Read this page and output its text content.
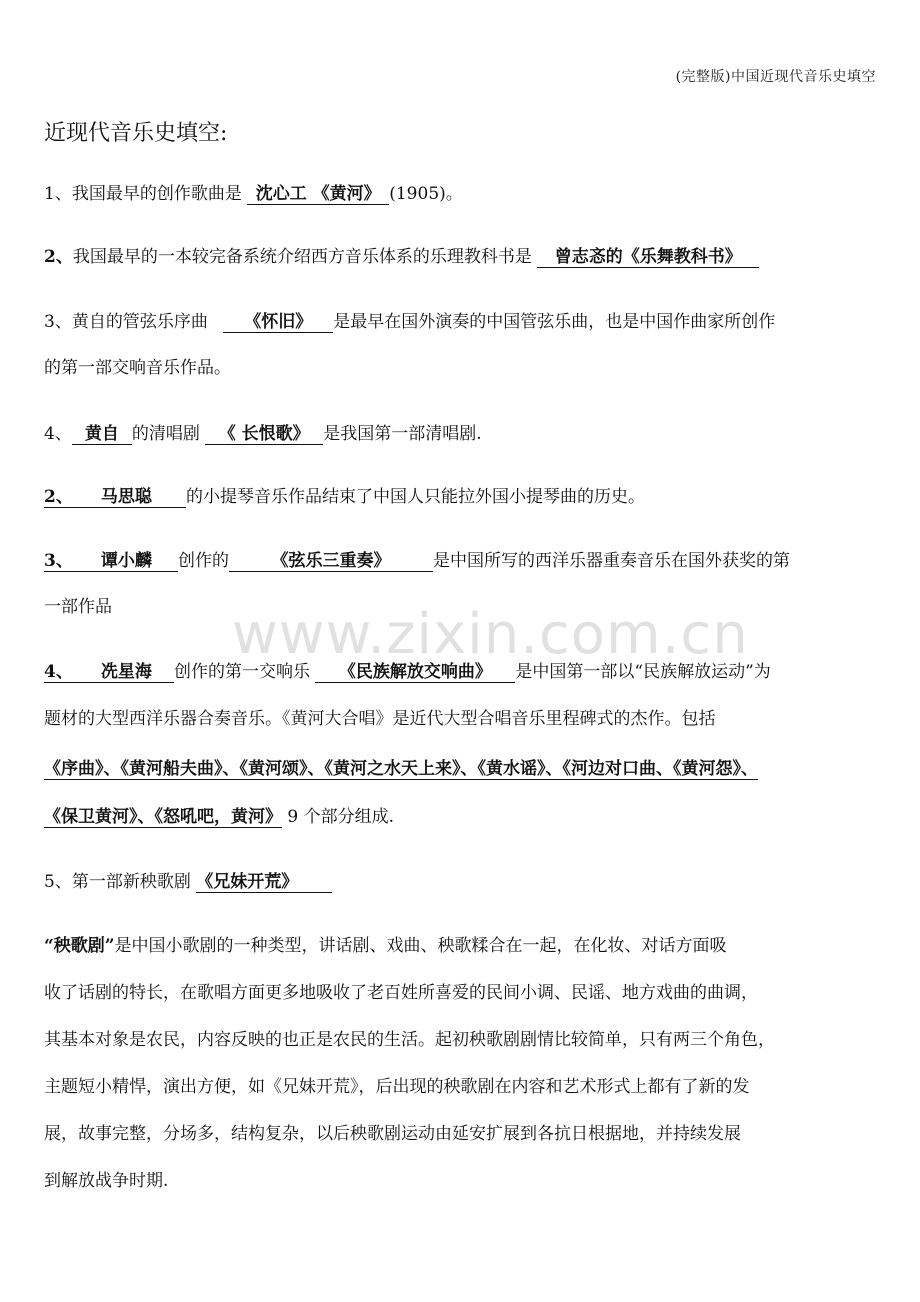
(完整版)中国近现代音乐史填空
近现代音乐史填空:
1、我国最早的创作歌曲是 沈心工 《黄河》 (1905)。
2、我国最早的一本较完备系统介绍西方音乐体系的乐理教科书是 曾志忞的《乐舞教科书》
3、黄自的管弦乐序曲 《怀旧》 是最早在国外演奏的中国管弦乐曲，也是中国作曲家所创作
的第一部交响音乐作品。
4、 黄自 的清唱剧 《 长恨歌》 是我国第一部清唱剧.
2、 马思聪 的小提琴音乐作品结束了中国人只能拉外国小提琴曲的历史。
3、 谭小麟 创作的	《弦乐三重奏》	是中国所写的西洋乐器重奏音乐在国外获奖的第
一部作品	www.zixin.com.cn
4、 冼星海 创作的第一交响乐 《民族解放交响曲》 是中国第一部以“民族解放运动”为
题材的大型西洋乐器合奏音乐。《黄河大合唱》是近代大型合唱音乐里程碑式的杰作。包括
《序曲》、《黄河船夫曲》、《黄河颂》、《黄河之水天上来》、《黄水谣》、《河边对口曲、《黄河怨》、
《保卫黄河》、《怒吼吧，黄河》 9 个部分组成.
5、第一部新秧歌剧 《兄妹开荒》
“秧歌剧”是中国小歌剧的一种类型，讲话剧、戏曲、秧歌糅合在一起，在化妆、对话方面吸
收了话剧的特长，在歌唱方面更多地吸收了老百姓所喜爱的民间小调、民谣、地方戏曲的曲调，
其基本对象是农民，内容反映的也正是农民的生活。起初秧歌剧剧情比较简单，只有两三个角色，
主题短小精悍，演出方便，如《兄妹开荒》，后出现的秧歌剧在内容和艺术形式上都有了新的发
展，故事完整，分场多，结构复杂，以后秧歌剧运动由延安扩展到各抗日根据地，并持续发展
到解放战争时期.
